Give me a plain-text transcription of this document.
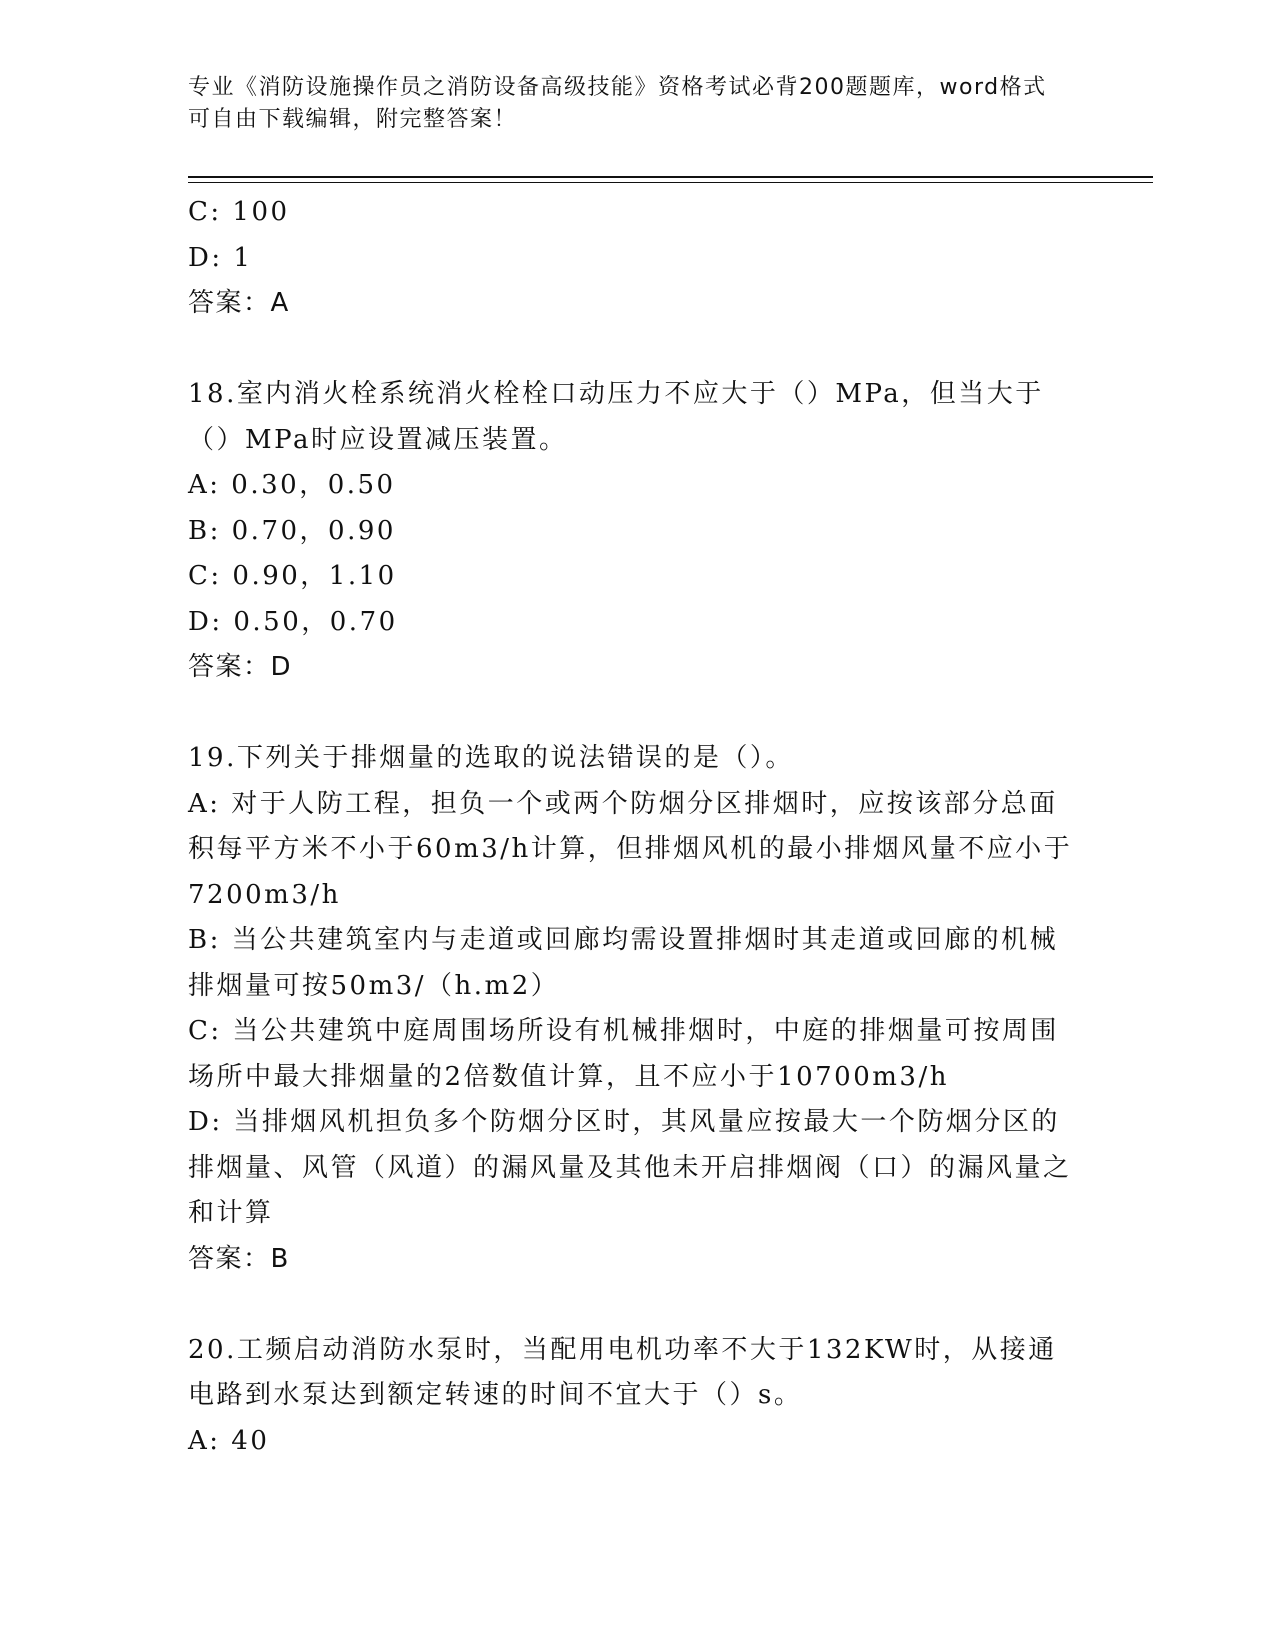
专业《消防设施操作员之消防设备高级技能》资格考试必背200题题库，word格式可自由下载编辑，附完整答案！
C: 100
D: 1
答案：A
18.室内消火栓系统消火栓栓口动压力不应大于（）MPa，但当大于（）MPa时应设置减压装置。
A: 0.30，0.50
B: 0.70，0.90
C: 0.90，1.10
D: 0.50，0.70
答案：D
19.下列关于排烟量的选取的说法错误的是（）。
A: 对于人防工程，担负一个或两个防烟分区排烟时，应按该部分总面积每平方米不小于60m3/h计算，但排烟风机的最小排烟风量不应小于7200m3/h
B: 当公共建筑室内与走道或回廊均需设置排烟时其走道或回廊的机械排烟量可按50m3/（h.m2）
C: 当公共建筑中庭周围场所设有机械排烟时，中庭的排烟量可按周围场所中最大排烟量的2倍数值计算，且不应小于10700m3/h
D: 当排烟风机担负多个防烟分区时，其风量应按最大一个防烟分区的排烟量、风管（风道）的漏风量及其他未开启排烟阀（口）的漏风量之和计算
答案：B
20.工频启动消防水泵时，当配用电机功率不大于132KW时，从接通电路到水泵达到额定转速的时间不宜大于（）s。
A: 40
